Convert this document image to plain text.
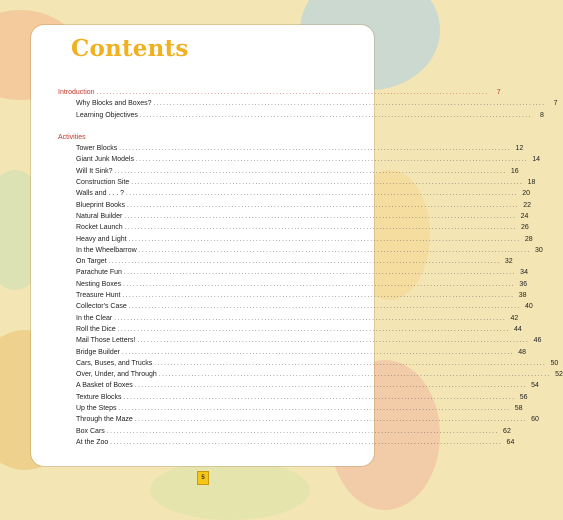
Contents
Introduction ........................................................................................................................	7
Why Blocks and Boxes? ........................................................................................................................	7
Learning Objectives ........................................................................................................................	8
Activities
Tower Blocks ........................................................................................................................ 12
Giant Junk Models ........................................................................................................................ 14
Will It Sink? ........................................................................................................................ 16
Construction Site ........................................................................................................................ 18
Walls and . . . ? ........................................................................................................................ 20
Blueprint Books ........................................................................................................................ 22
Natural Builder ........................................................................................................................ 24
Rocket Launch ........................................................................................................................ 26
Heavy and Light ........................................................................................................................ 28
In the Wheelbarrow ........................................................................................................................ 30
On Target ........................................................................................................................ 32
Parachute Fun ........................................................................................................................ 34
Nesting Boxes ........................................................................................................................ 36
Treasure Hunt ........................................................................................................................ 38
Collector's Case ........................................................................................................................ 40
In the Clear ........................................................................................................................ 42
Roll the Dice ........................................................................................................................ 44
Mail Those Letters! ........................................................................................................................ 46
Bridge Builder ........................................................................................................................ 48
Cars, Buses, and Trucks ........................................................................................................................ 50
Over, Under, and Through ........................................................................................................................ 52
A Basket of Boxes ........................................................................................................................ 54
Texture Blocks ........................................................................................................................ 56
Up the Steps ........................................................................................................................ 58
Through the Maze ........................................................................................................................ 60
Box Cars ........................................................................................................................ 62
At the Zoo ........................................................................................................................ 64
5
